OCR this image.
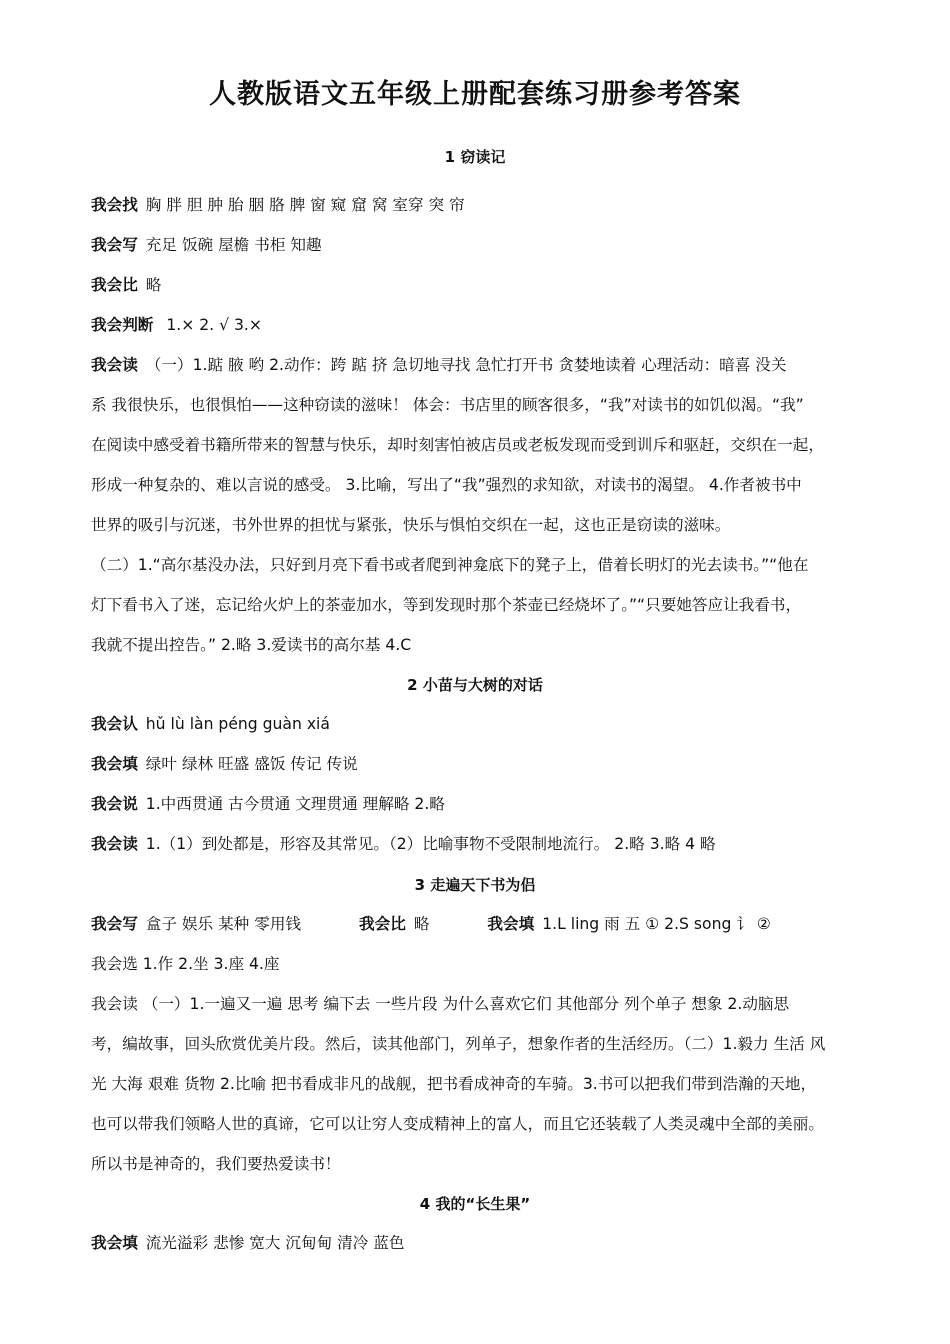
人教版语文五年级上册配套练习册参考答案
1 窃读记
我会找 胸 胖 胆 肿 胎 胭 胳 脾 窗 窥 窟 窝 室穿 突 帘
我会写 充足 饭碗 屋檐 书柜 知趣
我会比 略
我会判断 1.× 2. √ 3.×
我会读 （一）1.踮 腋 哟 2.动作：跨 踮 挤 急切地寻找 急忙打开书 贪婪地读着 心理活动：暗喜 没关
系 我很快乐，也很惧怕——这种窃读的滋味！ 体会：书店里的顾客很多，“我”对读书的如饥似渴。“我”
在阅读中感受着书籍所带来的智慧与快乐，却时刻害怕被店员或老板发现而受到训斥和驱赶，交织在一起，
形成一种复杂的、难以言说的感受。 3.比喻，写出了“我”强烈的求知欲，对读书的渴望。 4.作者被书中
世界的吸引与沉迷，书外世界的担忧与紧张，快乐与惧怕交织在一起，这也正是窃读的滋味。
（二）1.“高尔基没办法，只好到月亮下看书或者爬到神龛底下的凳子上，借着长明灯的光去读书。”“他在
灯下看书入了迷，忘记给火炉上的茶壶加水，等到发现时那个茶壶已经烧坏了。”“只要她答应让我看书，
我就不提出控告。” 2.略 3.爱读书的高尔基 4.C
2 小苗与大树的对话
我会认 hǔ lù làn péng guàn xiá
我会填 绿叶 绿林 旺盛 盛饭 传记 传说
我会说 1.中西贯通 古今贯通 文理贯通 理解略 2.略
我会读 1.（1）到处都是，形容及其常见。（2）比喻事物不受限制地流行。 2.略 3.略 4 略
3 走遍天下书为侣
我会写 盒子 娱乐 某种 零用钱	我会比 略	我会填 1.L ling 雨 五 ① 2.S song 讠 ②
我会选 1.作 2.坐 3.座 4.座
我会读 （一）1.一遍又一遍 思考 编下去 一些片段 为什么喜欢它们 其他部分 列个单子 想象 2.动脑思
考，编故事，回头欣赏优美片段。然后，读其他部门，列单子，想象作者的生活经历。（二）1.毅力 生活 风
光 大海 艰难 货物 2.比喻 把书看成非凡的战舰，把书看成神奇的车骑。3.书可以把我们带到浩瀚的天地，
也可以带我们领略人世的真谛，它可以让穷人变成精神上的富人，而且它还装载了人类灵魂中全部的美丽。
所以书是神奇的，我们要热爱读书！
4 我的“长生果”
我会填 流光溢彩 悲惨 宽大 沉甸甸 清冷 蓝色
